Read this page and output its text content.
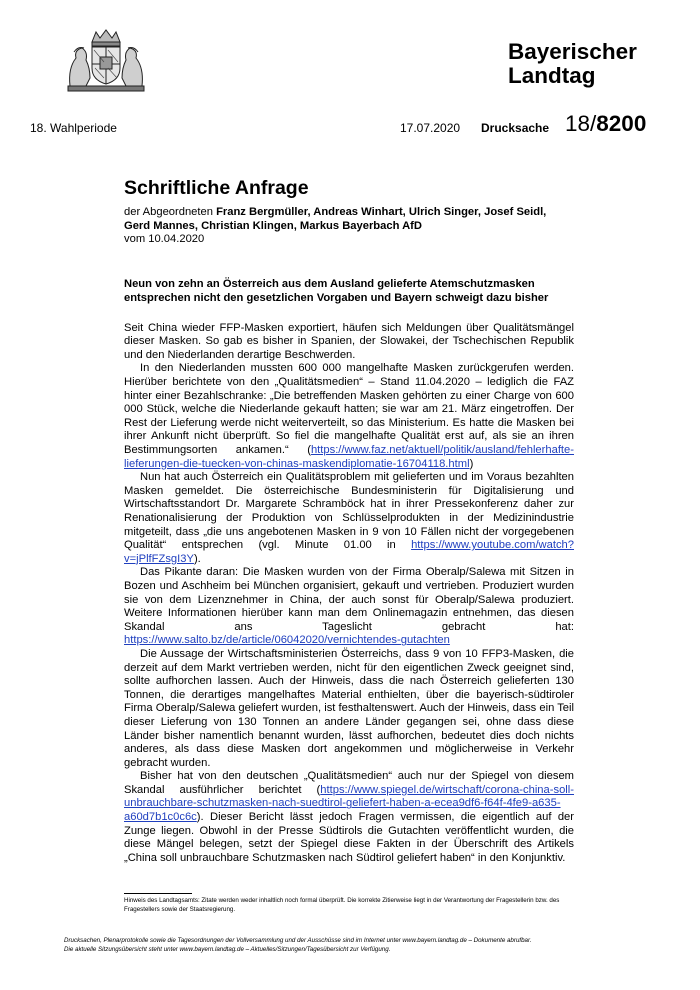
Bayerischer
Landtag
18. Wahlperiode	17.07.2020 Drucksache 18/8200
Schriftliche Anfrage
der Abgeordneten Franz Bergmüller, Andreas Winhart, Ulrich Singer, Josef Seidl, Gerd Mannes, Christian Klingen, Markus Bayerbach AfD
vom 10.04.2020
Neun von zehn an Österreich aus dem Ausland gelieferte Atemschutzmasken entsprechen nicht den gesetzlichen Vorgaben und Bayern schweigt dazu bisher

Seit China wieder FFP-Masken exportiert, häufen sich Meldungen über Qualitätsmängel dieser Masken. So gab es bisher in Spanien, der Slowakei, der Tschechischen Republik und den Niederlanden derartige Beschwerden.

In den Niederlanden mussten 600 000 mangelhafte Masken zurückgerufen werden. Hierüber berichtete von den „Qualitätsmedien“ – Stand 11.04.2020 – lediglich die FAZ hinter einer Bezahlschranke: „Die betreffenden Masken gehörten zu einer Charge von 600 000 Stück, welche die Niederlande gekauft hatten; sie war am 21. März eingetroffen. Der Rest der Lieferung werde nicht weiterverteilt, so das Ministerium. Es hatte die Masken bei ihrer Ankunft nicht überprüft. So fiel die mangelhafte Qualität erst auf, als sie an ihren Bestimmungsorten ankamen.“ (https://www.faz.net/aktuell/politik/ausland/fehlerhafte-lieferungen-die-tuecken-von-chinas-maskendiplomatie-16704118.html)

Nun hat auch Österreich ein Qualitätsproblem mit gelieferten und im Voraus bezahlten Masken gemeldet. Die österreichische Bundesministerin für Digitalisierung und Wirtschaftsstandort Dr. Margarete Schramböck hat in ihrer Pressekonferenz daher zur Renationalisierung der Produktion von Schlüsselprodukten in der Medizinindustrie mitgeteilt, dass „die uns angebotenen Masken in 9 von 10 Fällen nicht der vorgegebenen Qualität“ entsprechen (vgl. Minute 01.00 in https://www.youtube.com/watch?v=jPlfFZsgI3Y).

Das Pikante daran: Die Masken wurden von der Firma Oberalp/Salewa mit Sitzen in Bozen und Aschheim bei München organisiert, gekauft und vertrieben. Produziert wurden sie von dem Lizenznehmer in China, der auch sonst für Oberalp/Salewa produziert. Weitere Informationen hierüber kann man dem Onlinemagazin entnehmen, das diesen Skandal ans Tageslicht gebracht hat: https://www.salto.bz/de/article/06042020/vernichtendes-gutachten

Die Aussage der Wirtschaftsministerien Österreichs, dass 9 von 10 FFP3-Masken, die derzeit auf dem Markt vertrieben werden, nicht für den eigentlichen Zweck geeignet sind, sollte aufhorchen lassen. Auch der Hinweis, dass die nach Österreich gelieferten 130 Tonnen, die derartiges mangelhaftes Material enthielten, über die bayerisch-südtiroler Firma Oberalp/Salewa geliefert wurden, ist festhaltenswert. Auch der Hinweis, dass ein Teil dieser Lieferung von 130 Tonnen an andere Länder gegangen sei, ohne dass diese Länder bisher namentlich benannt wurden, lässt aufhorchen, bedeutet dies doch nichts anderes, als dass diese Masken dort angekommen und möglicherweise in Verkehr gebracht wurden.

Bisher hat von den deutschen „Qualitätsmedien“ auch nur der Spiegel von diesem Skandal ausführlicher berichtet (https://www.spiegel.de/wirtschaft/corona-china-soll-unbrauchbare-schutzmasken-nach-suedtirol-geliefert-haben-a-ecea9df6-f64f-4fe9-a635-a60d7b1c0c6c). Dieser Bericht lässt jedoch Fragen vermissen, die eigentlich auf der Zunge liegen. Obwohl in der Presse Südtirols die Gutachten veröffentlicht wurden, die diese Mängel belegen, setzt der Spiegel diese Fakten in der Überschrift des Artikels „China soll unbrauchbare Schutzmasken nach Südtirol geliefert haben“ in den Konjunktiv.

Hinweis des Landtagsamts: Zitate werden weder inhaltlich noch formal überprüft. Die korrekte Zitierweise liegt in der Verantwortung der Fragestellerin bzw. des Fragestellers sowie der Staatsregierung.
Drucksachen, Plenarprotokolle sowie die Tagesordnungen der Vollversammlung und der Ausschüsse sind im Internet unter www.bayern.landtag.de – Dokumente abrufbar.
Die aktuelle Sitzungsübersicht steht unter www.bayern.landtag.de – Aktuelles/Sitzungen/Tagesübersicht zur Verfügung.
